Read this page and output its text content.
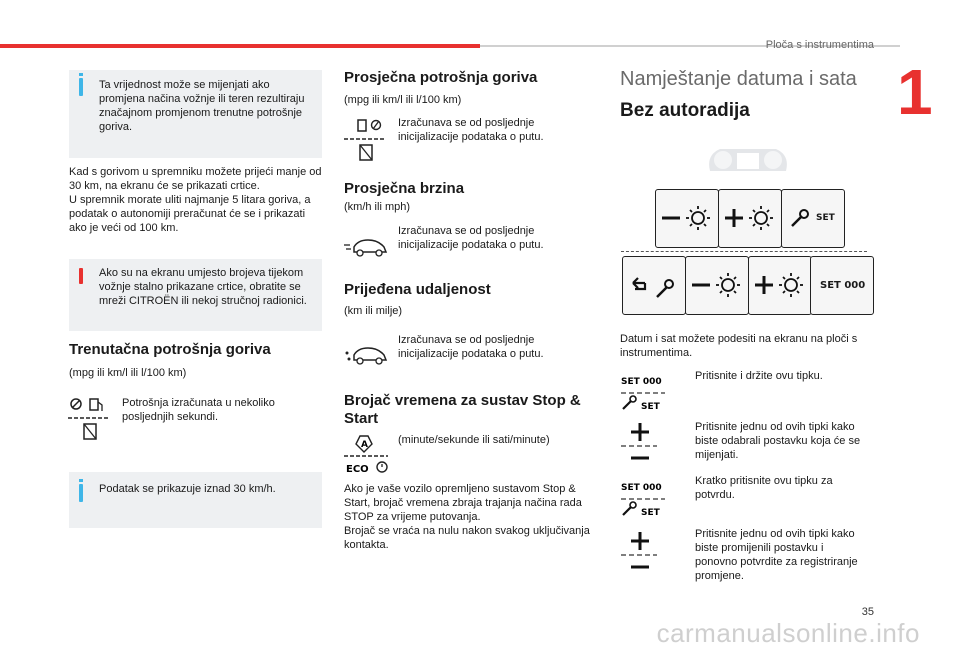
Ploča s instrumentima
1
Ta vrijednost može se mijenjati ako promjena načina vožnje ili teren rezultiraju značajnom promjenom trenutne potrošnje goriva.
Kad s gorivom u spremniku možete prijeći manje od 30 km, na ekranu će se prikazati crtice.
U spremnik morate uliti najmanje 5 litara goriva, a podatak o autonomiji preračunat će se i prikazati ako je veći od 100 km.
Ako su na ekranu umjesto brojeva tijekom vožnje stalno prikazane crtice, obratite se mreži CITROËN ili nekoj stručnoj radionici.
Trenutačna potrošnja goriva
(mpg ili km/l ili l/100 km)
Potrošnja izračunata u nekoliko posljednjih sekundi.
Podatak se prikazuje iznad 30 km/h.
Prosječna potrošnja goriva
(mpg ili km/l ili l/100 km)
Izračunava se od posljednje inicijalizacije podataka o putu.
Prosječna brzina
(km/h ili mph)
Izračunava se od posljednje inicijalizacije podataka o putu.
Prijeđena udaljenost
(km ili milje)
Izračunava se od posljednje inicijalizacije podataka o putu.
Brojač vremena za sustav Stop & Start
A
ECO
(minute/sekunde ili sati/minute)
Ako je vaše vozilo opremljeno sustavom Stop & Start, brojač vremena zbraja trajanja načina rada STOP za vrijeme putovanja.
Brojač se vraća na nulu nakon svakog uključivanja kontakta.
Namještanje datuma i sata
Bez autoradija
SET
SET 000
Datum i sat možete podesiti na ekranu na ploči s instrumentima.
SET 000
SET
Pritisnite i držite ovu tipku.
Pritisnite jednu od ovih tipki kako biste odabrali postavku koja će se mijenjati.
SET 000
SET
Kratko pritisnite ovu tipku za potvrdu.
Pritisnite jednu od ovih tipki kako biste promijenili postavku i ponovno potvrdite za registriranje promjene.
35
carmanualsonline.info
